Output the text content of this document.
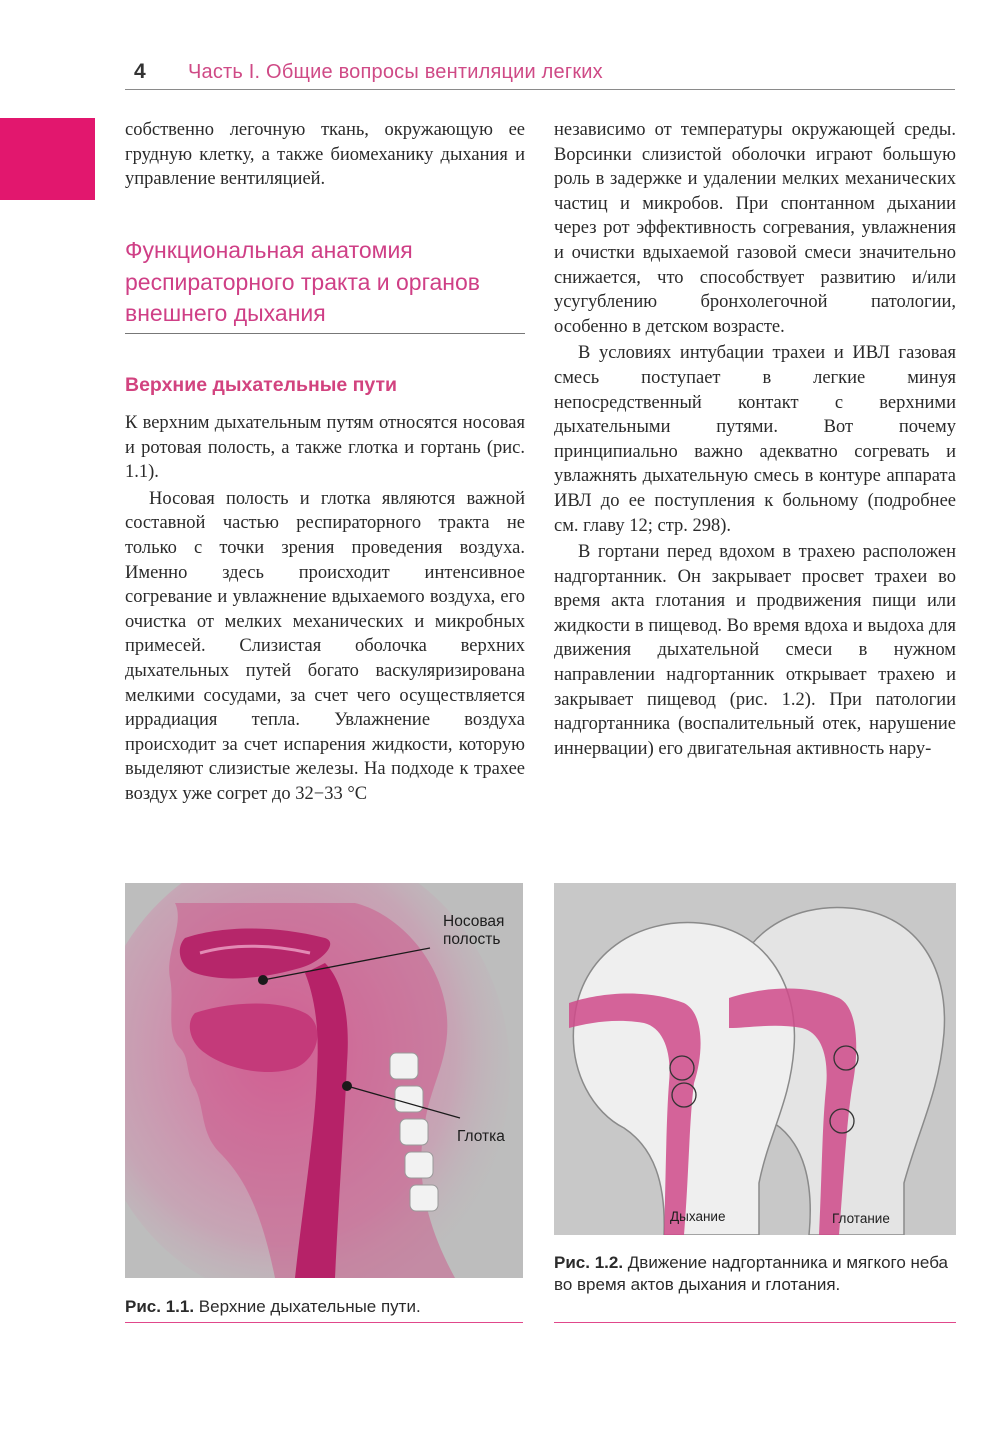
4 Часть I. Общие вопросы вентиляции легких

собственно легочную ткань, окружающую ее грудную клетку, а также биомеханику дыхания и управление вентиляцией.

Функциональная анатомия респираторного тракта и органов внешнего дыхания
Верхние дыхательные пути

К верхним дыхательным путям относятся носовая и ротовая полость, а также глотка и гортань (рис. 1.1).

Носовая полость и глотка являются важной составной частью респираторного тракта не только с точки зрения проведения воздуха. Именно здесь происходит интенсивное согревание и увлажнение вдыхаемого воздуха, его очистка от мелких механических и микробных примесей. Слизистая оболочка верхних дыхательных путей богато васкуляризирована мелкими сосудами, за счет чего осуществляется иррадиация тепла. Увлажнение воздуха происходит за счет испарения жидкости, которую выделяют слизистые железы. На подходе к трахее воздух уже согрет до 32−33 °С

независимо от температуры окружающей среды. Ворсинки слизистой оболочки играют большую роль в задержке и удалении мелких механических частиц и микробов. При спонтанном дыхании через рот эффективность согревания, увлажнения и очистки вдыхаемой газовой смеси значительно снижается, что способствует развитию и/или усугублению бронхолегочной патологии, особенно в детском возрасте.

В условиях интубации трахеи и ИВЛ газовая смесь поступает в легкие минуя непосредственный контакт с верхними дыхательными путями. Вот почему принципиально важно адекватно согревать и увлажнять дыхательную смесь в контуре аппарата ИВЛ до ее поступления к больному (подробнее см. главу 12; стр. 298).

В гортани перед вдохом в трахею расположен надгортанник. Он закрывает просвет трахеи во время акта глотания и продвижения пищи или жидкости в пищевод. Во время вдоха и выдоха для движения дыхательной смеси в нужном направлении надгортанник открывает трахею и закрывает пищевод (рис. 1.2). При патологии надгортанника (воспалительный отек, нарушение иннервации) его двигательная активность нару-

Носовая полость
Глотка
Рис. 1.1. Верхние дыхательные пути.
Дыхание	Глотание
Рис. 1.2. Движение надгортанника и мягкого неба во время актов дыхания и глотания.
